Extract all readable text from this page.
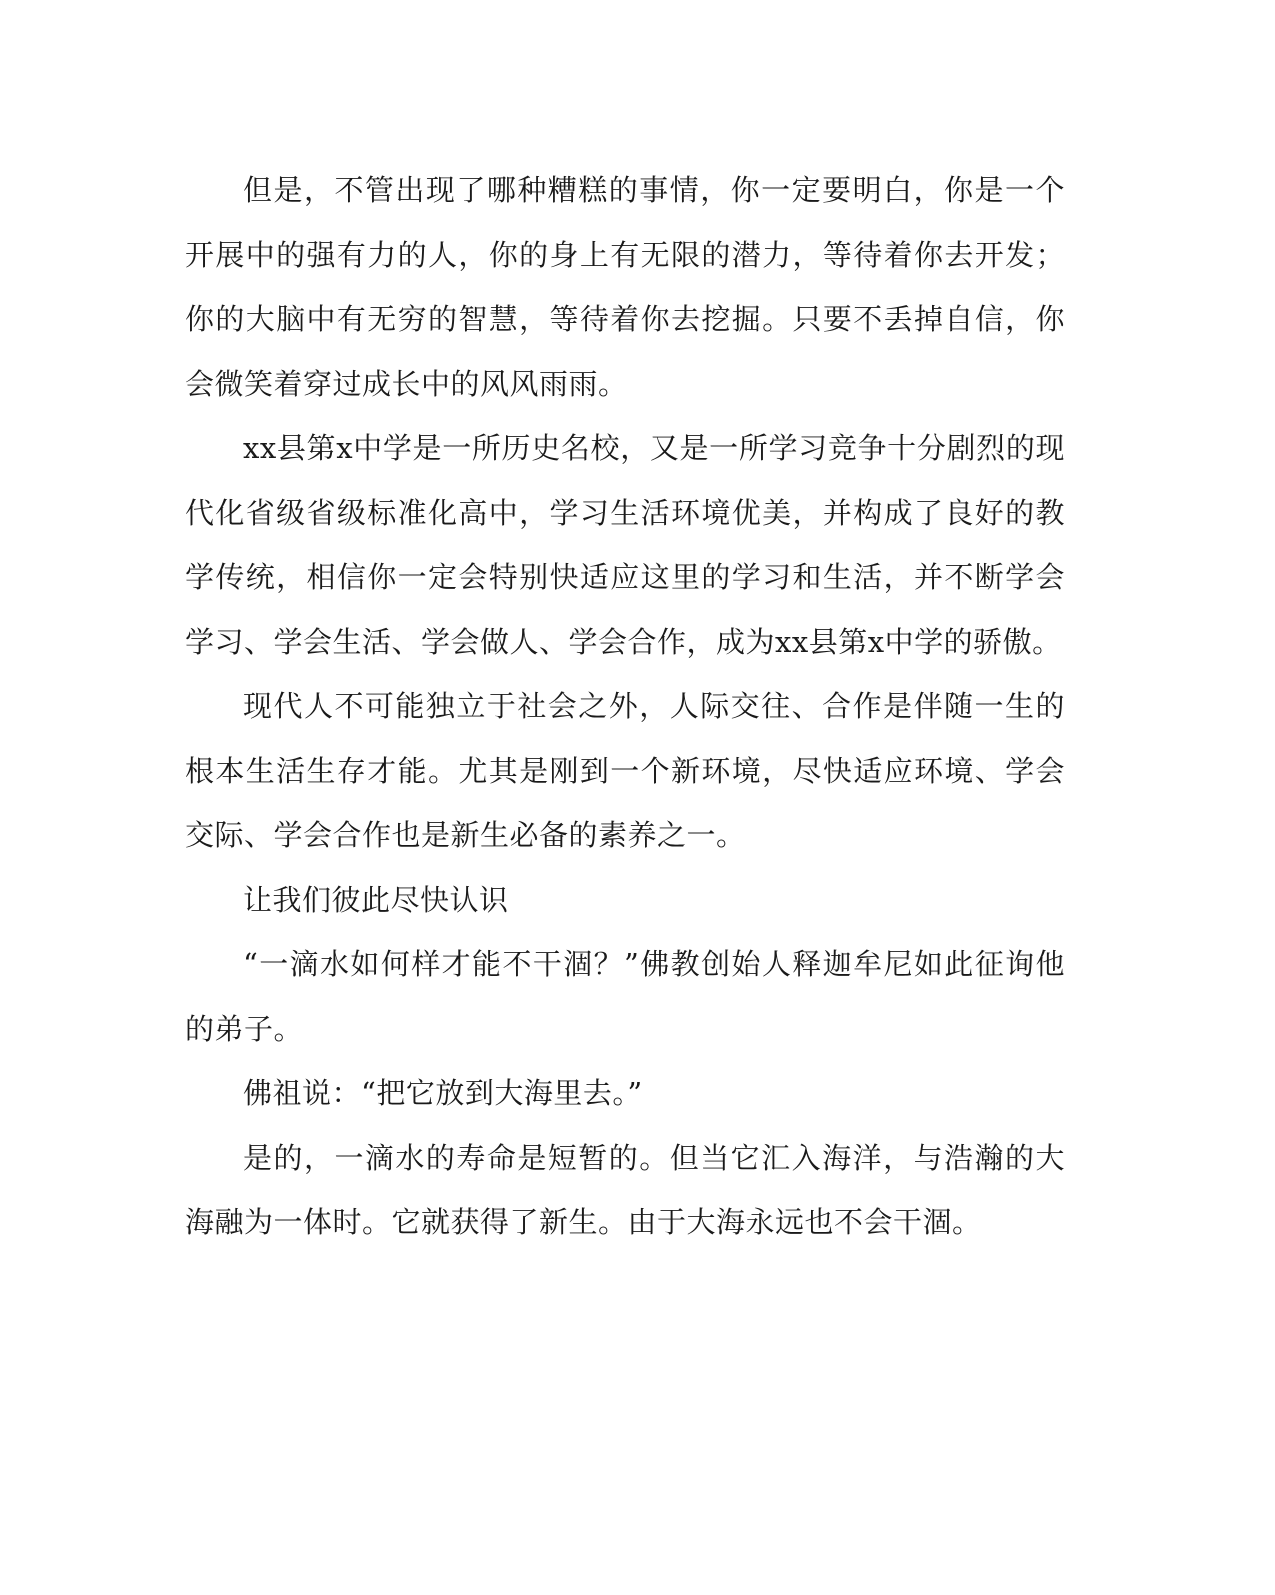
但是，不管出现了哪种糟糕的事情，你一定要明白，你是一个开展中的强有力的人，你的身上有无限的潜力，等待着你去开发；你的大脑中有无穷的智慧，等待着你去挖掘。只要不丢掉自信，你会微笑着穿过成长中的风风雨雨。

xx县第x中学是一所历史名校，又是一所学习竞争十分剧烈的现代化省级省级标准化高中，学习生活环境优美，并构成了良好的教学传统，相信你一定会特别快适应这里的学习和生活，并不断学会学习、学会生活、学会做人、学会合作，成为xx县第x中学的骄傲。

现代人不可能独立于社会之外，人际交往、合作是伴随一生的根本生活生存才能。尤其是刚到一个新环境，尽快适应环境、学会交际、学会合作也是新生必备的素养之一。

让我们彼此尽快认识

“一滴水如何样才能不干涸？”佛教创始人释迦牟尼如此征询他的弟子。

佛祖说：“把它放到大海里去。”

是的，一滴水的寿命是短暂的。但当它汇入海洋，与浩瀚的大海融为一体时。它就获得了新生。由于大海永远也不会干涸。
